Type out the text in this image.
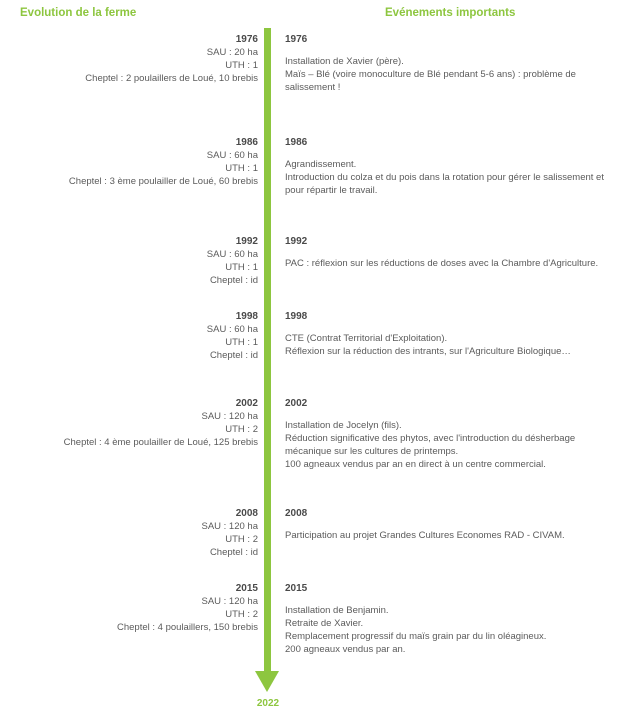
Evolution de la ferme	Evénements importants
2022
1976
SAU : 20 ha
UTH : 1
Cheptel : 2 poulaillers de Loué, 10 brebis
1976
Installation de Xavier (père).
Maïs – Blé (voire monoculture de Blé pendant 5-6 ans) : problème de salissement !
1986
SAU : 60 ha
UTH : 1
Cheptel : 3 ème poulailler de Loué, 60 brebis
1986
Agrandissement.
Introduction du colza et du pois dans la rotation pour gérer le salissement et pour répartir le travail.
1992
SAU : 60 ha
UTH : 1
Cheptel : id
1992
PAC : réflexion sur les réductions de doses avec la Chambre d'Agriculture.
1998
SAU : 60 ha
UTH : 1
Cheptel : id
1998
CTE (Contrat Territorial d'Exploitation).
Réflexion sur la réduction des intrants, sur l'Agriculture Biologique…
2002
SAU : 120 ha
UTH : 2
Cheptel : 4 ème poulailler de Loué, 125 brebis
2002
Installation de Jocelyn (fils).
Réduction significative des phytos, avec l'introduction du désherbage mécanique sur les cultures de printemps.
100 agneaux vendus par an en direct à un centre commercial.
2008
SAU : 120 ha
UTH : 2
Cheptel : id
2008
Participation au projet Grandes Cultures Economes RAD - CIVAM.
2015
SAU : 120 ha
UTH : 2
Cheptel : 4 poulaillers, 150 brebis
2015
Installation de Benjamin.
Retraite de Xavier.
Remplacement progressif du maïs grain par du lin oléagineux.
200 agneaux vendus par an.
